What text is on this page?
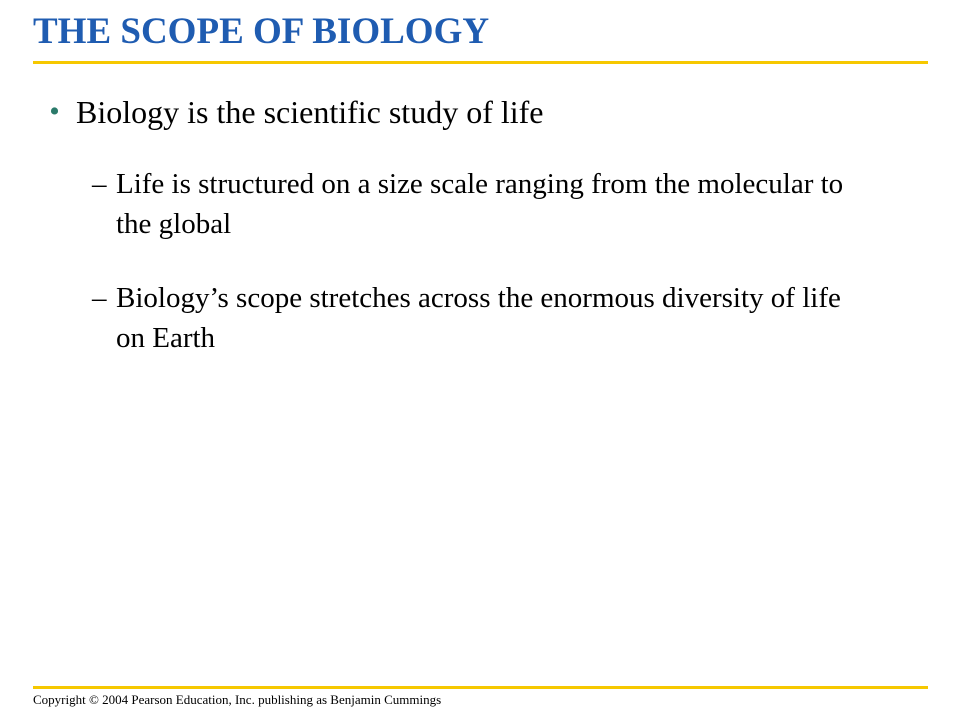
THE SCOPE OF BIOLOGY
• Biology is the scientific study of life
– Life is structured on a size scale ranging from the molecular to the global
– Biology’s scope stretches across the enormous diversity of life on Earth
Copyright © 2004 Pearson Education, Inc. publishing as Benjamin Cummings
